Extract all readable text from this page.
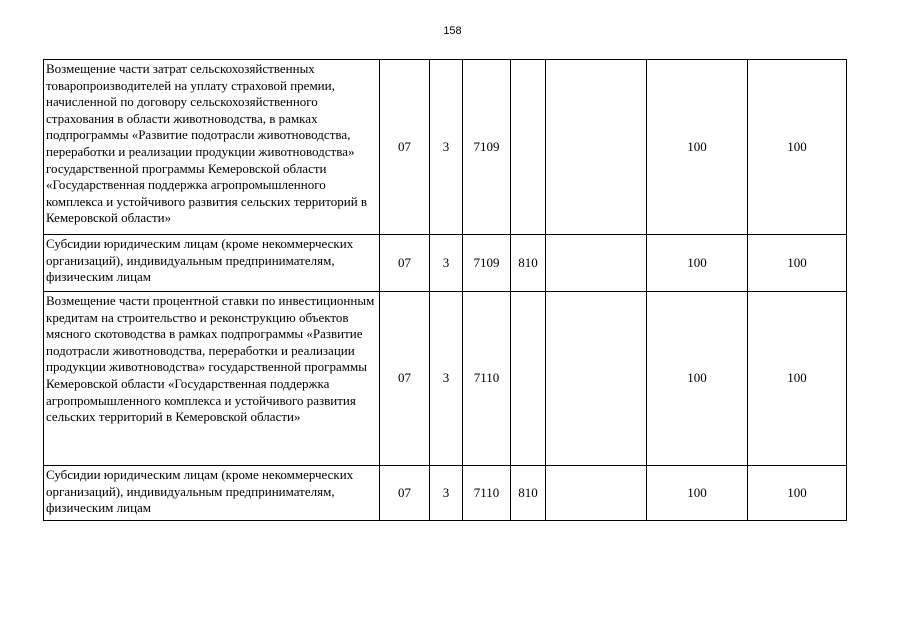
158
Возмещение части затрат сельскохозяйственных товаропроизводителей на уплату страховой премии, начисленной по договору сельскохозяйственного страхования в области животноводства, в рамках подпрограммы «Развитие подотрасли животноводства, переработки и реализации продукции животноводства» государственной программы Кемеровской области «Государственная поддержка агропромышленного комплекса и устойчивого развития сельских территорий в Кемеровской области»	07	3	7109			100	100
Субсидии юридическим лицам (кроме некоммерческих организаций), индивидуальным предпринимателям, физическим лицам	07	3	7109	810		100	100
Возмещение части процентной ставки по инвестиционным кредитам на строительство и реконструкцию объектов мясного скотоводства в рамках подпрограммы «Развитие подотрасли животноводства, переработки и реализации продукции животноводства» государственной программы Кемеровской области «Государственная поддержка агропромышленного комплекса и устойчивого развития сельских территорий в Кемеровской области»	07	3	7110			100	100
Субсидии юридическим лицам (кроме некоммерческих организаций), индивидуальным предпринимателям, физическим лицам	07	3	7110	810		100	100
